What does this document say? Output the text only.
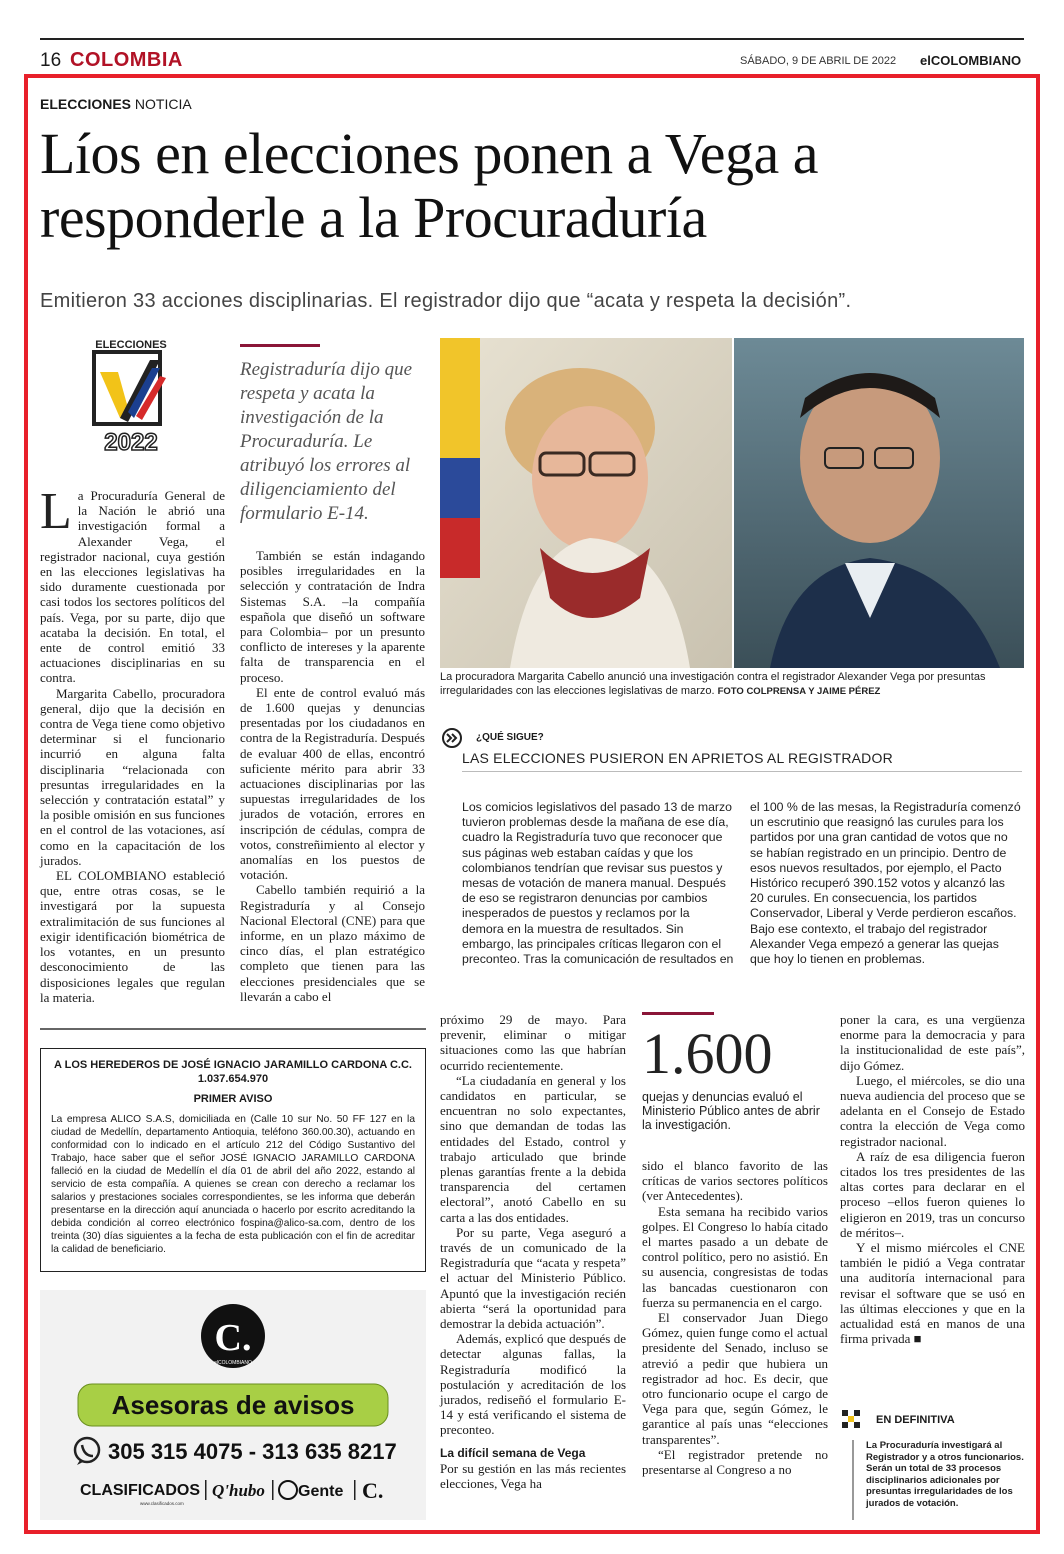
16 COLOMBIA	SÁBADO, 9 DE ABRIL DE 2022 elCOLOMBIANO
ELECCIONES NOTICIA
Líos en elecciones ponen a Vega a responderle a la Procuraduría
Emitieron 33 acciones disciplinarias. El registrador dijo que “acata y respeta la decisión”.
ELECCIONES
2022
Registraduría dijo que respeta y acata la investigación de la Procuraduría. Le atribuyó los errores al diligenciamiento del formulario E-14.

La Procuraduría General de la Nación le abrió una investigación formal a Alexander Vega, el registrador nacional, cuya gestión en las elecciones legislativas ha sido duramente cuestionada por casi todos los sectores políticos del país. Vega, por su parte, dijo que acataba la decisión. En total, el ente de control emitió 33 actuaciones disciplinarias en su contra.

Margarita Cabello, procuradora general, dijo que la decisión en contra de Vega tiene como objetivo determinar si el funcionario incurrió en alguna falta disciplinaria “relacionada con presuntas irregularidades en la selección y contratación estatal” y la posible omisión en sus funciones en el control de las votaciones, así como en la capacitación de los jurados.

EL COLOMBIANO estableció que, entre otras cosas, se le investigará por la supuesta extralimitación de sus funciones al exigir identificación biométrica de los votantes, en un presunto desconocimiento de las disposiciones legales que regulan la materia.

También se están indagando posibles irregularidades en la selección y contratación de Indra Sistemas S.A. –la compañía española que diseñó un software para Colombia– por un presunto conflicto de intereses y la aparente falta de transparencia en el proceso.

El ente de control evaluó más de 1.600 quejas y denuncias presentadas por los ciudadanos en contra de la Registraduría. Después de evaluar 400 de ellas, encontró suficiente mérito para abrir 33 actuaciones disciplinarias por las supuestas irregularidades de los jurados de votación, errores en inscripción de cédulas, compra de votos, constreñimiento al elector y anomalías en los puestos de votación.

Cabello también requirió a la Registraduría y al Consejo Nacional Electoral (CNE) para que informe, en un plazo máximo de cinco días, el plan estratégico completo que tienen para las elecciones presidenciales que se llevarán a cabo el

La procuradora Margarita Cabello anunció una investigación contra el registrador Alexander Vega por presuntas irregularidades con las elecciones legislativas de marzo. FOTO COLPRENSA Y JAIME PÉREZ
¿QUÉ SIGUE?
LAS ELECCIONES PUSIERON EN APRIETOS AL REGISTRADOR

Los comicios legislativos del pasado 13 de marzo tuvieron problemas desde la mañana de ese día, cuadro la Registraduría tuvo que reconocer que sus páginas web estaban caídas y que los colombianos tendrían que revisar sus puestos y mesas de votación de manera manual. Después de eso se registraron denuncias por cambios inesperados de puestos y reclamos por la demora en la muestra de resultados. Sin embargo, las principales críticas llegaron con el preconteo. Tras la comunicación de resultados en

el 100 % de las mesas, la Registraduría comenzó un escrutinio que reasignó las curules para los partidos por una gran cantidad de votos que no se habían registrado en un principio. Dentro de esos nuevos resultados, por ejemplo, el Pacto Histórico recuperó 390.152 votos y alcanzó las 20 curules. En consecuencia, los partidos Conservador, Liberal y Verde perdieron escaños.

Bajo ese contexto, el trabajo del registrador Alexander Vega empezó a generar las quejas que hoy lo tienen en problemas.

A LOS HEREDEROS DE JOSÉ IGNACIO JARAMILLO CARDONA C.C.
1.037.654.970
PRIMER AVISO
La empresa ALICO S.A.S, domiciliada en (Calle 10 sur No. 50 FF 127 en la ciudad de Medellín, departamento Antioquia, teléfono 360.00.30), actuando en conformidad con lo indicado en el artículo 212 del Código Sustantivo del Trabajo, hace saber que el señor JOSÉ IGNACIO JARAMILLO CARDONA falleció en la ciudad de Medellín el día 01 de abril del año 2022, estando al servicio de esta compañía. A quienes se crean con derecho a reclamar los salarios y prestaciones sociales correspondientes, se les informa que deberán presentarse en la dirección aquí anunciada o hacerlo por escrito acreditando la debida condición al correo electrónico fospina@alico-sa.com, dentro de los treinta (30) días siguientes a la fecha de esta publicación con el fin de acreditar la calidad de beneficiario.
C.
elCOLOMBIANO
Asesoras de avisos
305 315 4075 - 313 635 8217
CLASIFICADOS
www.clasificados.com
Q'hubo Gente C.

próximo 29 de mayo. Para prevenir, eliminar o mitigar situaciones como las que habrían ocurrido recientemente.

“La ciudadanía en general y los candidatos en particular, se encuentran no solo expectantes, sino que demandan de todas las entidades del Estado, control y trabajo articulado que brinde plenas garantías frente a la debida transparencia del certamen electoral”, anotó Cabello en su carta a las dos entidades.

Por su parte, Vega aseguró a través de un comunicado de la Registraduría que “acata y respeta” el actuar del Ministerio Público. Apuntó que la investigación recién abierta “será la oportunidad para demostrar la debida actuación”.

Además, explicó que después de detectar algunas fallas, la Registraduría modificó la postulación y acreditación de los jurados, rediseñó el formulario E-14 y está verificando el sistema de preconteo.

La difícil semana de Vega

Por su gestión en las más recientes elecciones, Vega ha

1.600
quejas y denuncias evaluó el Ministerio Público antes de abrir la investigación.

sido el blanco favorito de las críticas de varios sectores políticos (ver Antecedentes).

Esta semana ha recibido varios golpes. El Congreso lo había citado el martes pasado a un debate de control político, pero no asistió. En su ausencia, congresistas de todas las bancadas cuestionaron con fuerza su permanencia en el cargo.

El conservador Juan Diego Gómez, quien funge como el actual presidente del Senado, incluso se atrevió a pedir que hubiera un registrador ad hoc. Es decir, que otro funcionario ocupe el cargo de Vega para que, según Gómez, le garantice al país unas “elecciones transparentes”.

“El registrador pretende no presentarse al Congreso a no

poner la cara, es una vergüenza enorme para la democracia y para la institucionalidad de este país”, dijo Gómez.

Luego, el miércoles, se dio una nueva audiencia del proceso que se adelanta en el Consejo de Estado contra la elección de Vega como registrador nacional.

A raíz de esa diligencia fueron citados los tres presidentes de las altas cortes para declarar en el proceso –ellos fueron quienes lo eligieron en 2019, tras un concurso de méritos–.

Y el mismo miércoles el CNE también le pidió a Vega contratar una auditoría internacional para revisar el software que se usó en las últimas elecciones y que en la actualidad está en manos de una firma privada ■

EN DEFINITIVA
La Procuraduría investigará al Registrador y a otros funcionarios. Serán un total de 33 procesos disciplinarios adicionales por presuntas irregularidades de los jurados de votación.
